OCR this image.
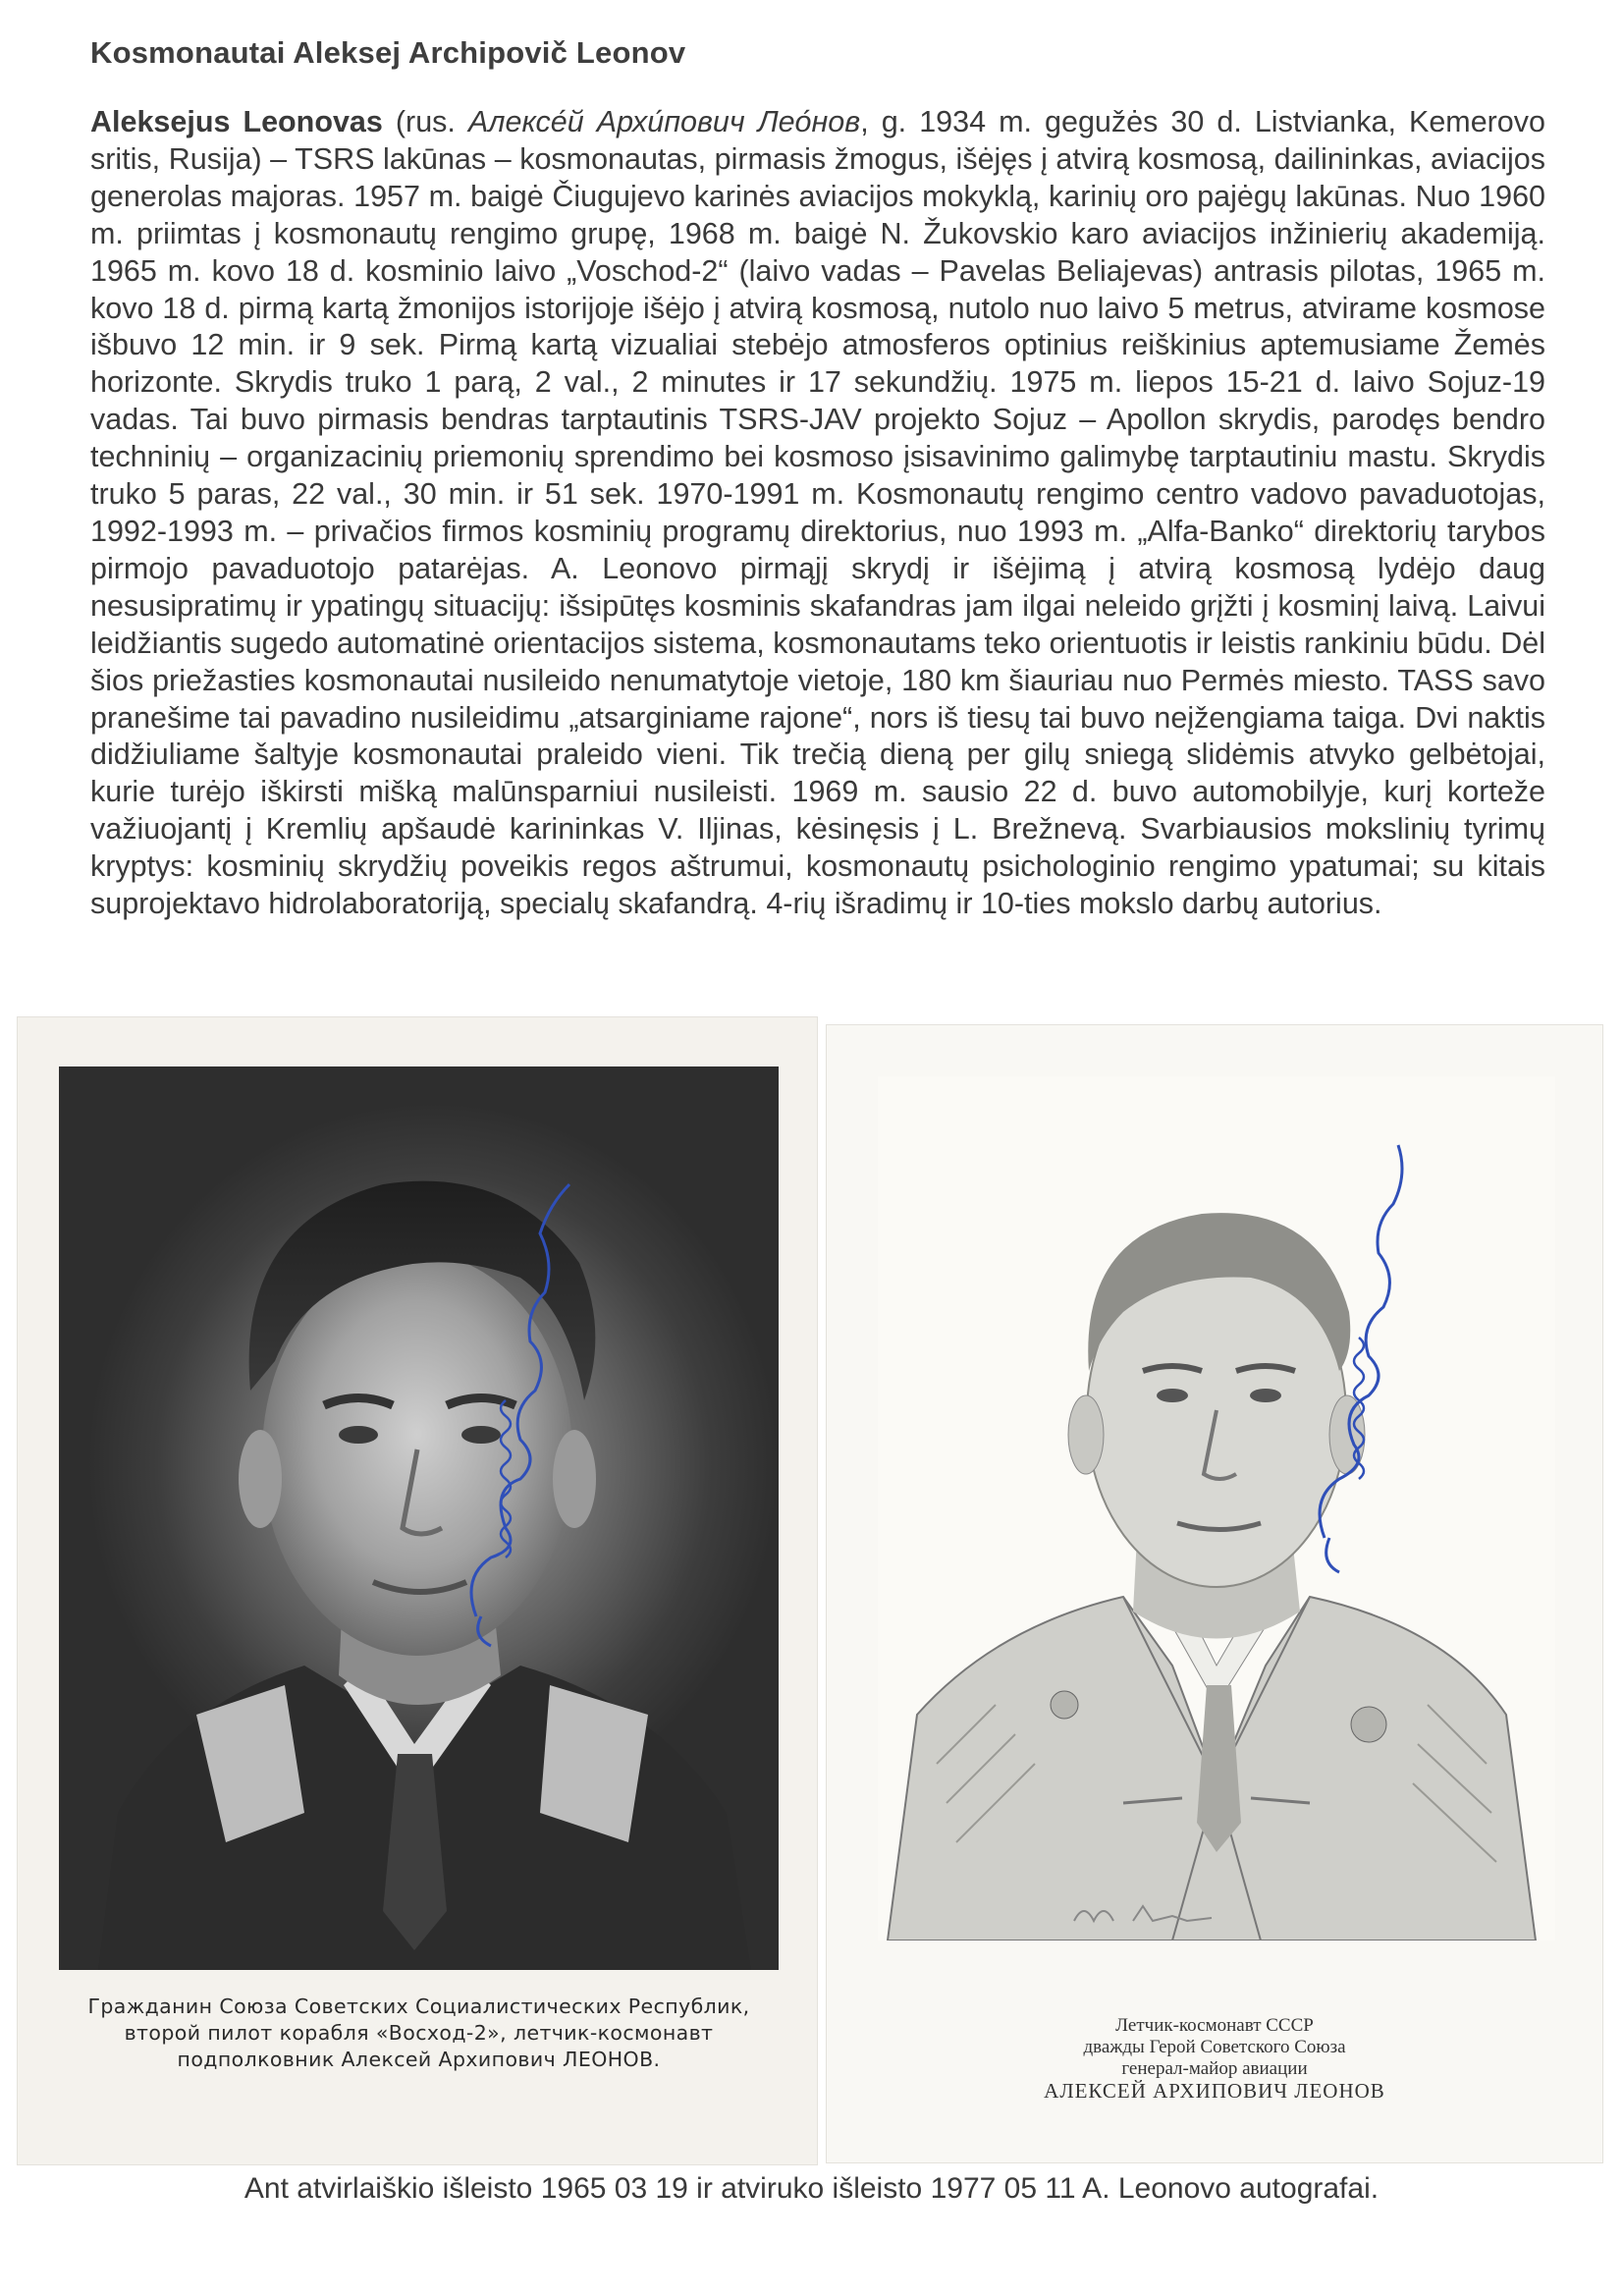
Kosmonautai Aleksej Archipovič Leonov
Aleksejus Leonovas (rus. Алексе́й Архи́пович Лео́нов, g. 1934 m. gegužės 30 d. Listvianka, Kemerovo sritis, Rusija) – TSRS lakūnas – kosmonautas, pirmasis žmogus, išėjęs į atvirą kosmosą, dailininkas, aviacijos generolas majoras. 1957 m. baigė Čiugujevo karinės aviacijos mokyklą, karinių oro pajėgų lakūnas. Nuo 1960 m. priimtas į kosmonautų rengimo grupę, 1968 m. baigė N. Žukovskio karo aviacijos inžinierių akademiją. 1965 m. kovo 18 d. kosminio laivo „Voschod-2“ (laivo vadas – Pavelas Beliajevas) antrasis pilotas, 1965 m. kovo 18 d. pirmą kartą žmonijos istorijoje išėjo į atvirą kosmosą, nutolo nuo laivo 5 metrus, atvirame kosmose išbuvo 12 min. ir 9 sek. Pirmą kartą vizualiai stebėjo atmosferos optinius reiškinius aptemusiame Žemės horizonte. Skrydis truko 1 parą, 2 val., 2 minutes ir 17 sekundžių. 1975 m. liepos 15-21 d. laivo Sojuz-19 vadas. Tai buvo pirmasis bendras tarptautinis TSRS-JAV projekto Sojuz – Apollon skrydis, parodęs bendro techninių – organizacinių priemonių sprendimo bei kosmoso įsisavinimo galimybę tarptautiniu mastu. Skrydis truko 5 paras, 22 val., 30 min. ir 51 sek. 1970-1991 m. Kosmonautų rengimo centro vadovo pavaduotojas, 1992-1993 m. – privačios firmos kosminių programų direktorius, nuo 1993 m. „Alfa-Banko“ direktorių tarybos pirmojo pavaduotojo patarėjas. A. Leonovo pirmąjį skrydį ir išėjimą į atvirą kosmosą lydėjo daug nesusipratimų ir ypatingų situacijų: išsipūtęs kosminis skafandras jam ilgai neleido grįžti į kosminį laivą. Laivui leidžiantis sugedo automatinė orientacijos sistema, kosmonautams teko orientuotis ir leistis rankiniu būdu. Dėl šios priežasties kosmonautai nusileido nenumatytoje vietoje, 180 km šiauriau nuo Permės miesto. TASS savo pranešime tai pavadino nusileidimu „atsarginiame rajone“, nors iš tiesų tai buvo neįžengiama taiga. Dvi naktis didžiuliame šaltyje kosmonautai praleido vieni. Tik trečią dieną per gilų sniegą slidėmis atvyko gelbėtojai, kurie turėjo iškirsti mišką malūnsparniui nusileisti. 1969 m. sausio 22 d. buvo automobilyje, kurį korteže važiuojantį į Kremlių apšaudė karininkas V. Iljinas, kėsinęsis į L. Brežnevą. Svarbiausios mokslinių tyrimų kryptys: kosminių skrydžių poveikis regos aštrumui, kosmonautų psichologinio rengimo ypatumai; su kitais suprojektavo hidrolaboratoriją, specialų skafandrą. 4-rių išradimų ir 10-ties mokslo darbų autorius.
Гражданин Союза Советских Социалистических Республик,
второй пилот корабля «Восход-2», летчик-космонавт
подполковник Алексей Архипович ЛЕОНОВ.
Летчик-космонавт СССР
дважды Герой Советского Союза
генерал-майор авиации
АЛЕКСЕЙ АРХИПОВИЧ ЛЕОНОВ
Ant atvirlaiškio išleisto 1965 03 19 ir atviruko išleisto 1977 05 11 A. Leonovo autografai.
